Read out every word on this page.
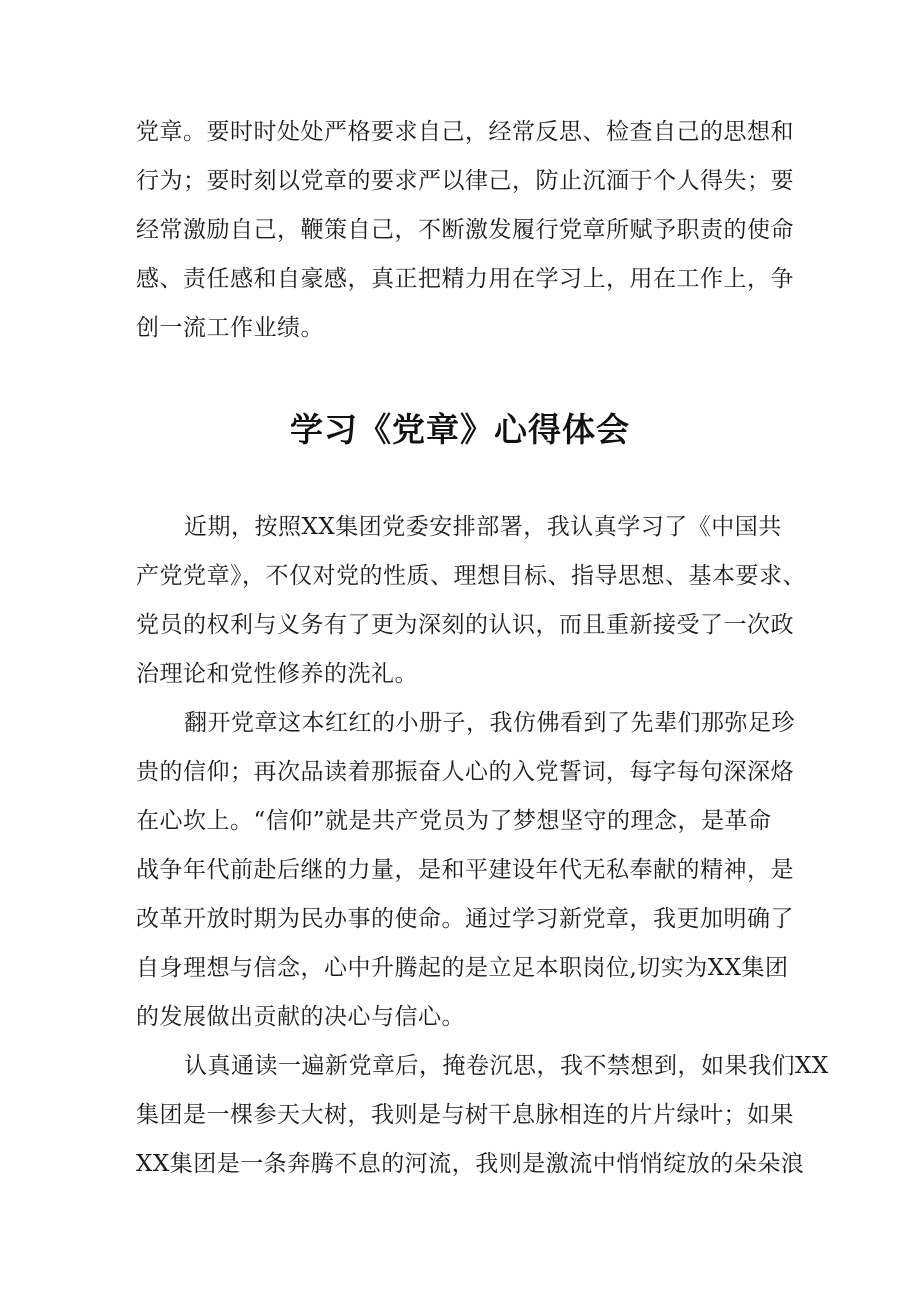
党章。要时时处处严格要求自己，经常反思、检查自己的思想和
行为；要时刻以党章的要求严以律己，防止沉湎于个人得失；要
经常激励自己，鞭策自己，不断激发履行党章所赋予职责的使命
感、责任感和自豪感，真正把精力用在学习上，用在工作上，争
创一流工作业绩。
学习《党章》心得体会
近期，按照XX集团党委安排部署，我认真学习了《中国共
产党党章》，不仅对党的性质、理想目标、指导思想、基本要求、
党员的权利与义务有了更为深刻的认识，而且重新接受了一次政
治理论和党性修养的洗礼。
翻开党章这本红红的小册子，我仿佛看到了先辈们那弥足珍
贵的信仰；再次品读着那振奋人心的入党誓词，每字每句深深烙
在心坎上。“信仰”就是共产党员为了梦想坚守的理念，是革命
战争年代前赴后继的力量，是和平建设年代无私奉献的精神，是
改革开放时期为民办事的使命。通过学习新党章，我更加明确了
自身理想与信念，心中升腾起的是立足本职岗位,切实为XX集团
的发展做出贡献的决心与信心。
认真通读一遍新党章后，掩卷沉思，我不禁想到，如果我们XX
集团是一棵参天大树，我则是与树干息脉相连的片片绿叶；如果
XX集团是一条奔腾不息的河流，我则是激流中悄悄绽放的朵朵浪
